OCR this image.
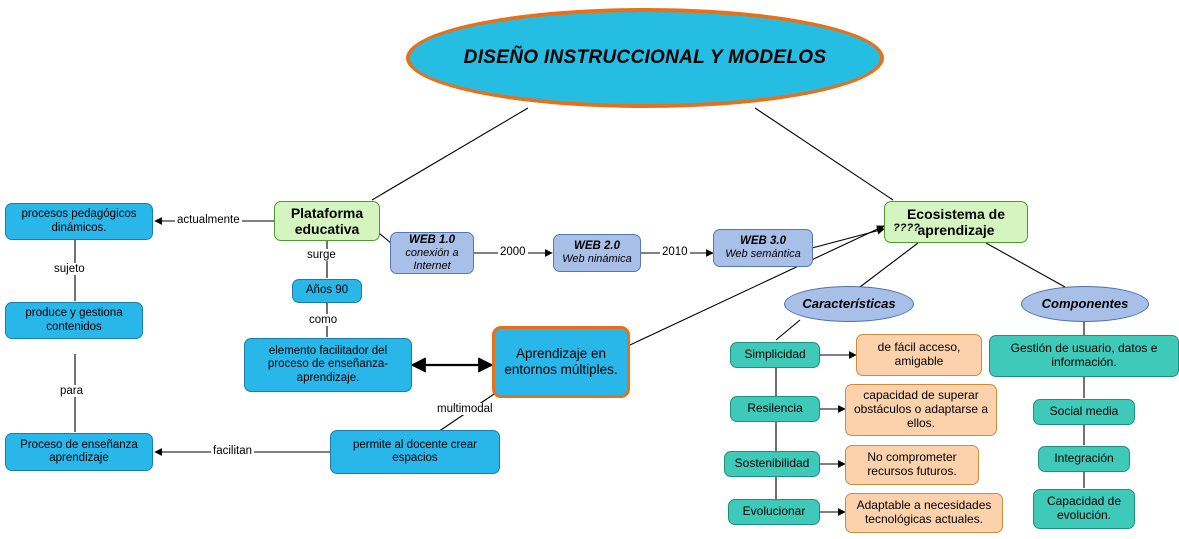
DISEÑO INSTRUCCIONAL Y MODELOS
Plataforma educativa
procesos pedagógicos dinámicos.
produce y gestiona contenidos
Proceso de enseñanza aprendizaje
Años 90
elemento facilitador del proceso de enseñanza-aprendizaje.
Aprendizaje en entornos múltiples.
permite al docente crear espacios
WEB 1.0
conexión a Internet
WEB 2.0
Web ninámica
WEB 3.0
Web semántica
Ecosistema de aprendizaje
Características	Componentes
Simplicidad
Resilencia
Sostenibilidad
Evolucionar
de fácil acceso, amigable
capacidad de superar obstáculos o adaptarse a ellos.
No comprometer recursos futuros.
Adaptable a necesidades tecnológicas actuales.
Gestión de usuario, datos e información.
Social media
Integración
Capacidad de evolución.
actualmente
sujeto
para
surge
como
2000	2010
multimodal
facilitan
????
